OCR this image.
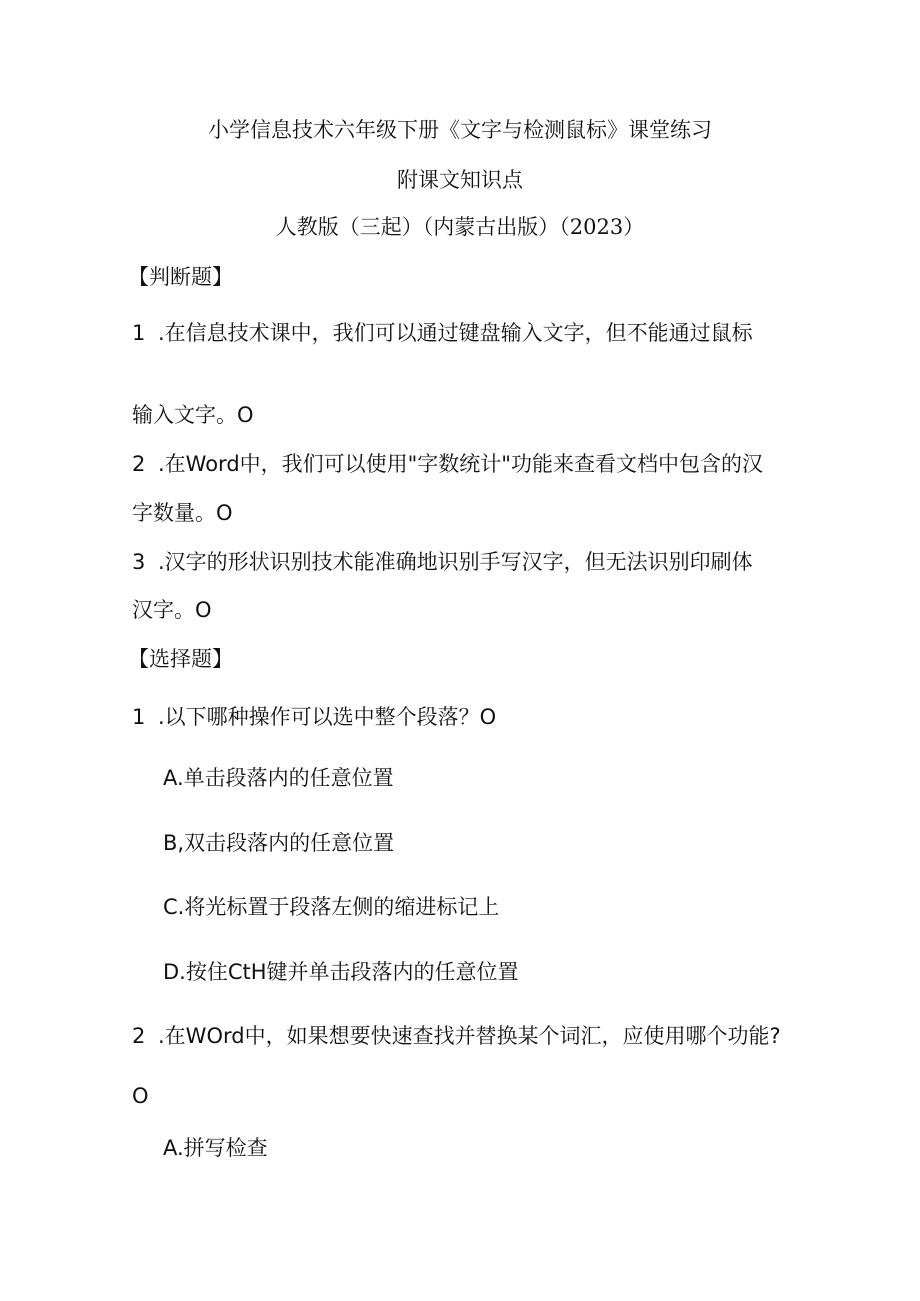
小学信息技术六年级下册《文字与检测鼠标》课堂练习
附课文知识点
人教版（三起）（内蒙古出版）（2023）
【判断题】
1 .在信息技术课中，我们可以通过键盘输入文字，但不能通过鼠标
输入文字。O
2 .在Word中，我们可以使用"字数统计"功能来查看文档中包含的汉
字数量。O
3 .汉字的形状识别技术能准确地识别手写汉字，但无法识别印刷体
汉字。O
【选择题】
1 .以下哪种操作可以选中整个段落？O
A.单击段落内的任意位置
B,双击段落内的任意位置
C.将光标置于段落左侧的缩进标记上
D.按住CtH键并单击段落内的任意位置
2 .在WOrd中，如果想要快速查找并替换某个词汇，应使用哪个功能?
O
A.拼写检查
